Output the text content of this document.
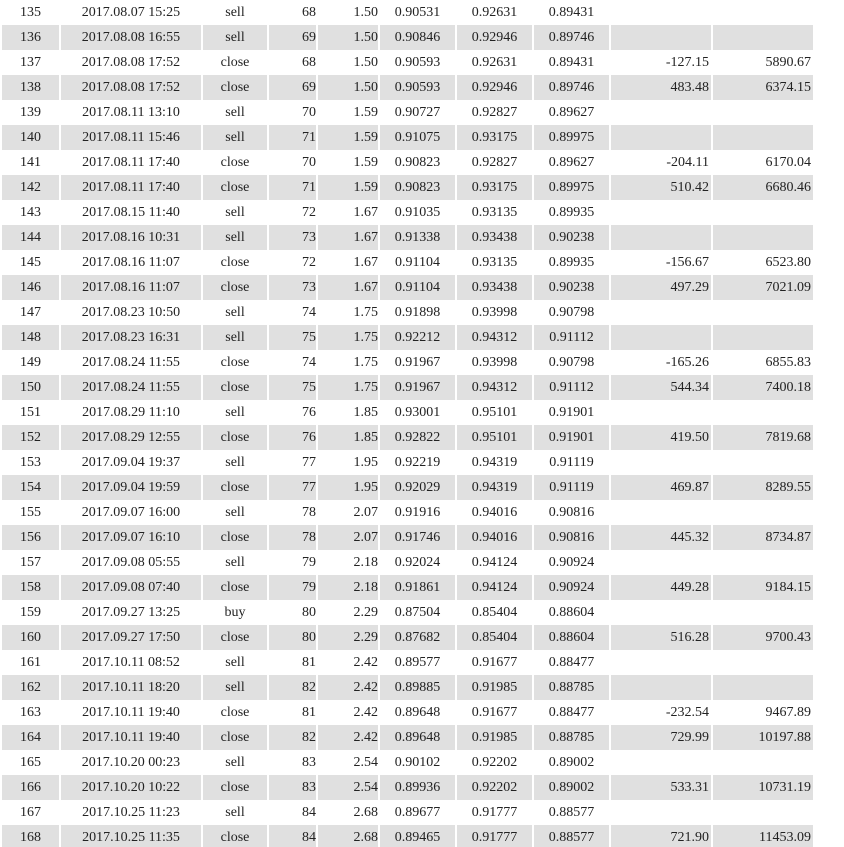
135	2017.08.07 15:25	sell	68	1.50	0.90531	0.92631	0.89431		
136	2017.08.08 16:55	sell	69	1.50	0.90846	0.92946	0.89746		
137	2017.08.08 17:52	close	68	1.50	0.90593	0.92631	0.89431	-127.15	5890.67
138	2017.08.08 17:52	close	69	1.50	0.90593	0.92946	0.89746	483.48	6374.15
139	2017.08.11 13:10	sell	70	1.59	0.90727	0.92827	0.89627		
140	2017.08.11 15:46	sell	71	1.59	0.91075	0.93175	0.89975		
141	2017.08.11 17:40	close	70	1.59	0.90823	0.92827	0.89627	-204.11	6170.04
142	2017.08.11 17:40	close	71	1.59	0.90823	0.93175	0.89975	510.42	6680.46
143	2017.08.15 11:40	sell	72	1.67	0.91035	0.93135	0.89935		
144	2017.08.16 10:31	sell	73	1.67	0.91338	0.93438	0.90238		
145	2017.08.16 11:07	close	72	1.67	0.91104	0.93135	0.89935	-156.67	6523.80
146	2017.08.16 11:07	close	73	1.67	0.91104	0.93438	0.90238	497.29	7021.09
147	2017.08.23 10:50	sell	74	1.75	0.91898	0.93998	0.90798		
148	2017.08.23 16:31	sell	75	1.75	0.92212	0.94312	0.91112		
149	2017.08.24 11:55	close	74	1.75	0.91967	0.93998	0.90798	-165.26	6855.83
150	2017.08.24 11:55	close	75	1.75	0.91967	0.94312	0.91112	544.34	7400.18
151	2017.08.29 11:10	sell	76	1.85	0.93001	0.95101	0.91901		
152	2017.08.29 12:55	close	76	1.85	0.92822	0.95101	0.91901	419.50	7819.68
153	2017.09.04 19:37	sell	77	1.95	0.92219	0.94319	0.91119		
154	2017.09.04 19:59	close	77	1.95	0.92029	0.94319	0.91119	469.87	8289.55
155	2017.09.07 16:00	sell	78	2.07	0.91916	0.94016	0.90816		
156	2017.09.07 16:10	close	78	2.07	0.91746	0.94016	0.90816	445.32	8734.87
157	2017.09.08 05:55	sell	79	2.18	0.92024	0.94124	0.90924		
158	2017.09.08 07:40	close	79	2.18	0.91861	0.94124	0.90924	449.28	9184.15
159	2017.09.27 13:25	buy	80	2.29	0.87504	0.85404	0.88604		
160	2017.09.27 17:50	close	80	2.29	0.87682	0.85404	0.88604	516.28	9700.43
161	2017.10.11 08:52	sell	81	2.42	0.89577	0.91677	0.88477		
162	2017.10.11 18:20	sell	82	2.42	0.89885	0.91985	0.88785		
163	2017.10.11 19:40	close	81	2.42	0.89648	0.91677	0.88477	-232.54	9467.89
164	2017.10.11 19:40	close	82	2.42	0.89648	0.91985	0.88785	729.99	10197.88
165	2017.10.20 00:23	sell	83	2.54	0.90102	0.92202	0.89002		
166	2017.10.20 10:22	close	83	2.54	0.89936	0.92202	0.89002	533.31	10731.19
167	2017.10.25 11:23	sell	84	2.68	0.89677	0.91777	0.88577		
168	2017.10.25 11:35	close	84	2.68	0.89465	0.91777	0.88577	721.90	11453.09
